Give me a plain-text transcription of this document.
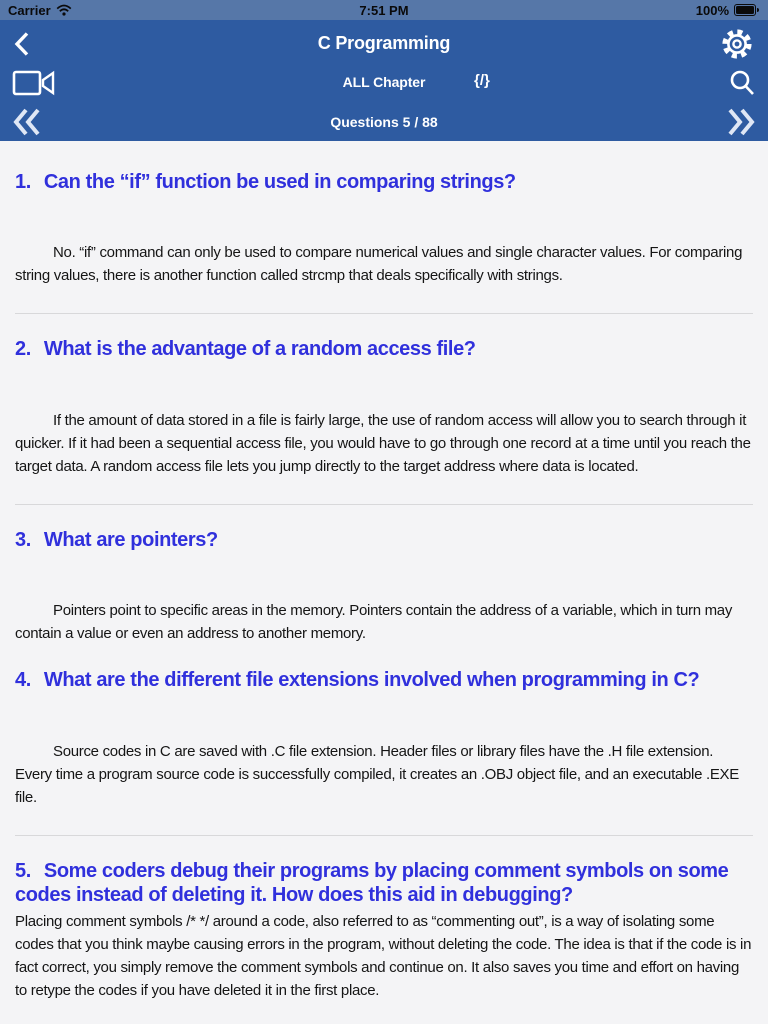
Carrier	7:51 PM	100%
C Programming
ALL Chapter	{/}
Questions 5 / 88
1. Can the “if” function be used in comparing strings?

No. “if” command can only be used to compare numerical values and single character values. For comparing string values, there is another function called strcmp that deals specifically with strings.

2. What is the advantage of a random access file?

If the amount of data stored in a file is fairly large, the use of random access will allow you to search through it quicker. If it had been a sequential access file, you would have to go through one record at a time until you reach the target data. A random access file lets you jump directly to the target address where data is located.

3. What are pointers?

Pointers point to specific areas in the memory. Pointers contain the address of a variable, which in turn may contain a value or even an address to another memory.

4. What are the different file extensions involved when programming in C?

Source codes in C are saved with .C file extension. Header files or library files have the .H file extension. Every time a program source code is successfully compiled, it creates an .OBJ object file, and an executable .EXE file.

5. Some coders debug their programs by placing comment symbols on some codes instead of deleting it. How does this aid in debugging?

Placing comment symbols /* */ around a code, also referred to as “commenting out”, is a way of isolating some codes that you think maybe causing errors in the program, without deleting the code. The idea is that if the code is in fact correct, you simply remove the comment symbols and continue on. It also saves you time and effort on having to retype the codes if you have deleted it in the first place.
